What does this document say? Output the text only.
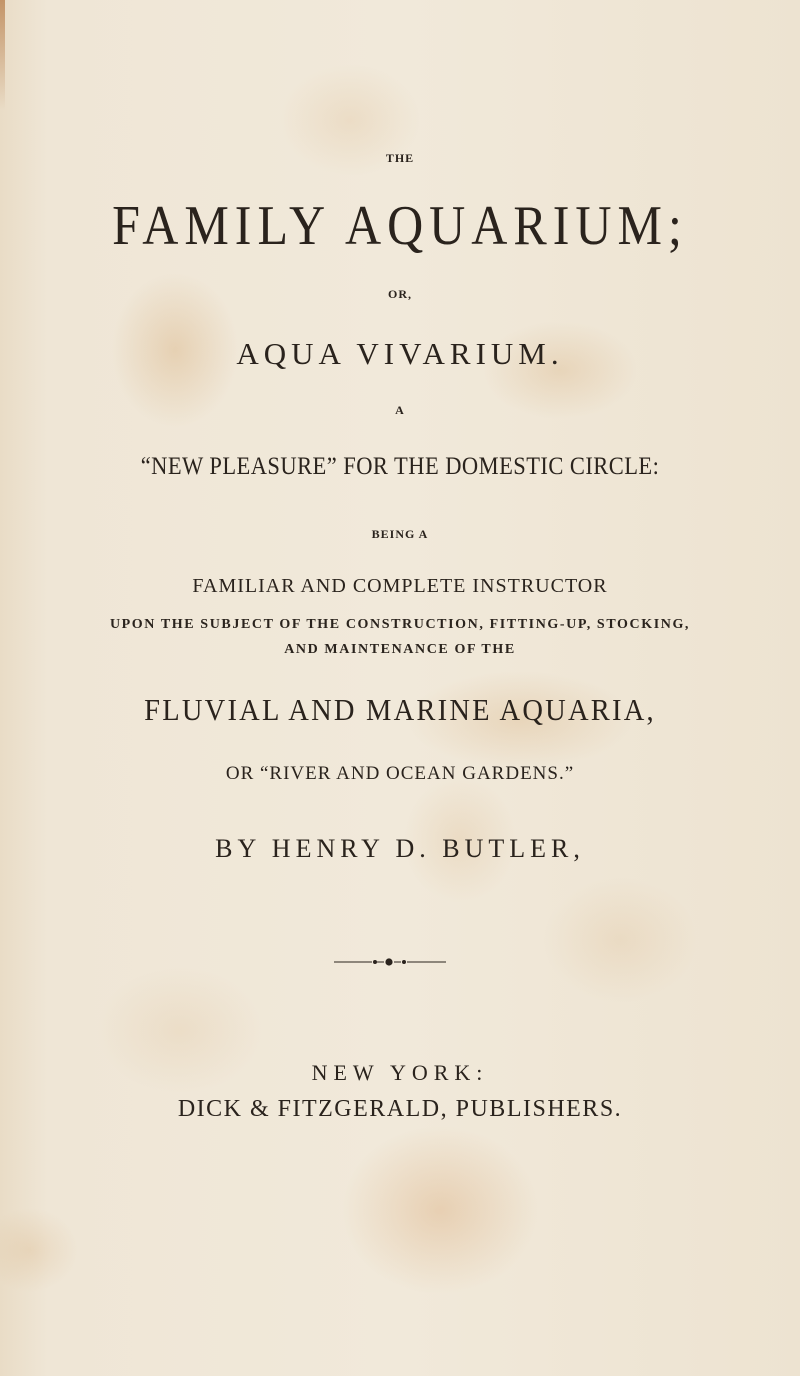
THE

FAMILY AQUARIUM;

OR,

AQUA VIVARIUM.

A

“NEW PLEASURE” FOR THE DOMESTIC CIRCLE:

BEING A

FAMILIAR AND COMPLETE INSTRUCTOR

UPON THE SUBJECT OF THE CONSTRUCTION, FITTING-UP, STOCKING,

AND MAINTENANCE OF THE

FLUVIAL AND MARINE AQUARIA,

OR “RIVER AND OCEAN GARDENS.”

BY HENRY D. BUTLER,

NEW YORK:

DICK & FITZGERALD, PUBLISHERS.
